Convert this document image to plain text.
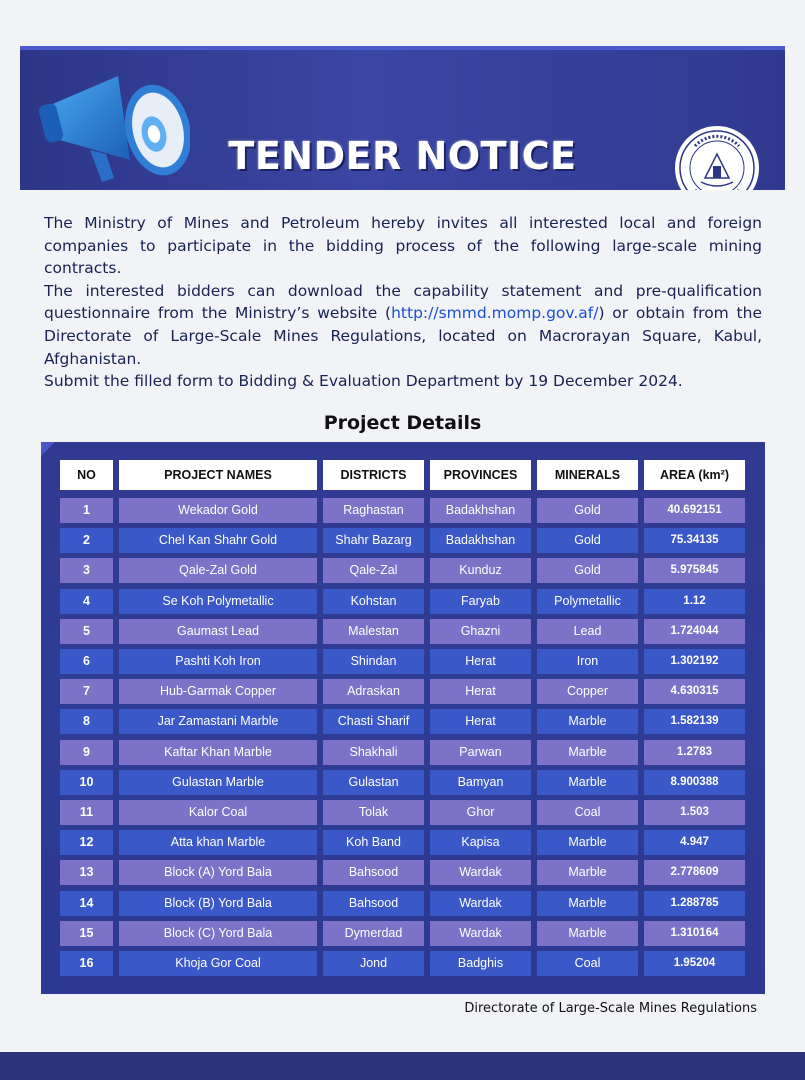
TENDER NOTICE

The Ministry of Mines and Petroleum hereby invites all interested local and foreign companies to participate in the bidding process of the following large-scale mining contracts.

The interested bidders can download the capability statement and pre-qualification questionnaire from the Ministry’s website (http://smmd.momp.gov.af/) or obtain from the Directorate of Large-Scale Mines Regulations, located on Macrorayan Square, Kabul, Afghanistan.

Submit the filled form to Bidding & Evaluation Department by 19 December 2024.

Project Details
NO	PROJECT NAMES	DISTRICTS	PROVINCES	MINERALS	AREA (km²)
1	Wekador Gold	Raghastan	Badakhshan	Gold	40.692151
2	Chel Kan Shahr Gold	Shahr Bazarg	Badakhshan	Gold	75.34135
3	Qale-Zal Gold	Qale-Zal	Kunduz	Gold	5.975845
4	Se Koh Polymetallic	Kohstan	Faryab	Polymetallic	1.12
5	Gaumast Lead	Malestan	Ghazni	Lead	1.724044
6	Pashti Koh Iron	Shindan	Herat	Iron	1.302192
7	Hub-Garmak Copper	Adraskan	Herat	Copper	4.630315
8	Jar Zamastani Marble	Chasti Sharif	Herat	Marble	1.582139
9	Kaftar Khan Marble	Shakhali	Parwan	Marble	1.2783
10	Gulastan Marble	Gulastan	Bamyan	Marble	8.900388
11	Kalor Coal	Tolak	Ghor	Coal	1.503
12	Atta khan Marble	Koh Band	Kapisa	Marble	4.947
13	Block (A) Yord Bala	Bahsood	Wardak	Marble	2.778609
14	Block (B) Yord Bala	Bahsood	Wardak	Marble	1.288785
15	Block (C) Yord Bala	Dymerdad	Wardak	Marble	1.310164
16	Khoja Gor Coal	Jond	Badghis	Coal	1.95204
Directorate of Large-Scale Mines Regulations
